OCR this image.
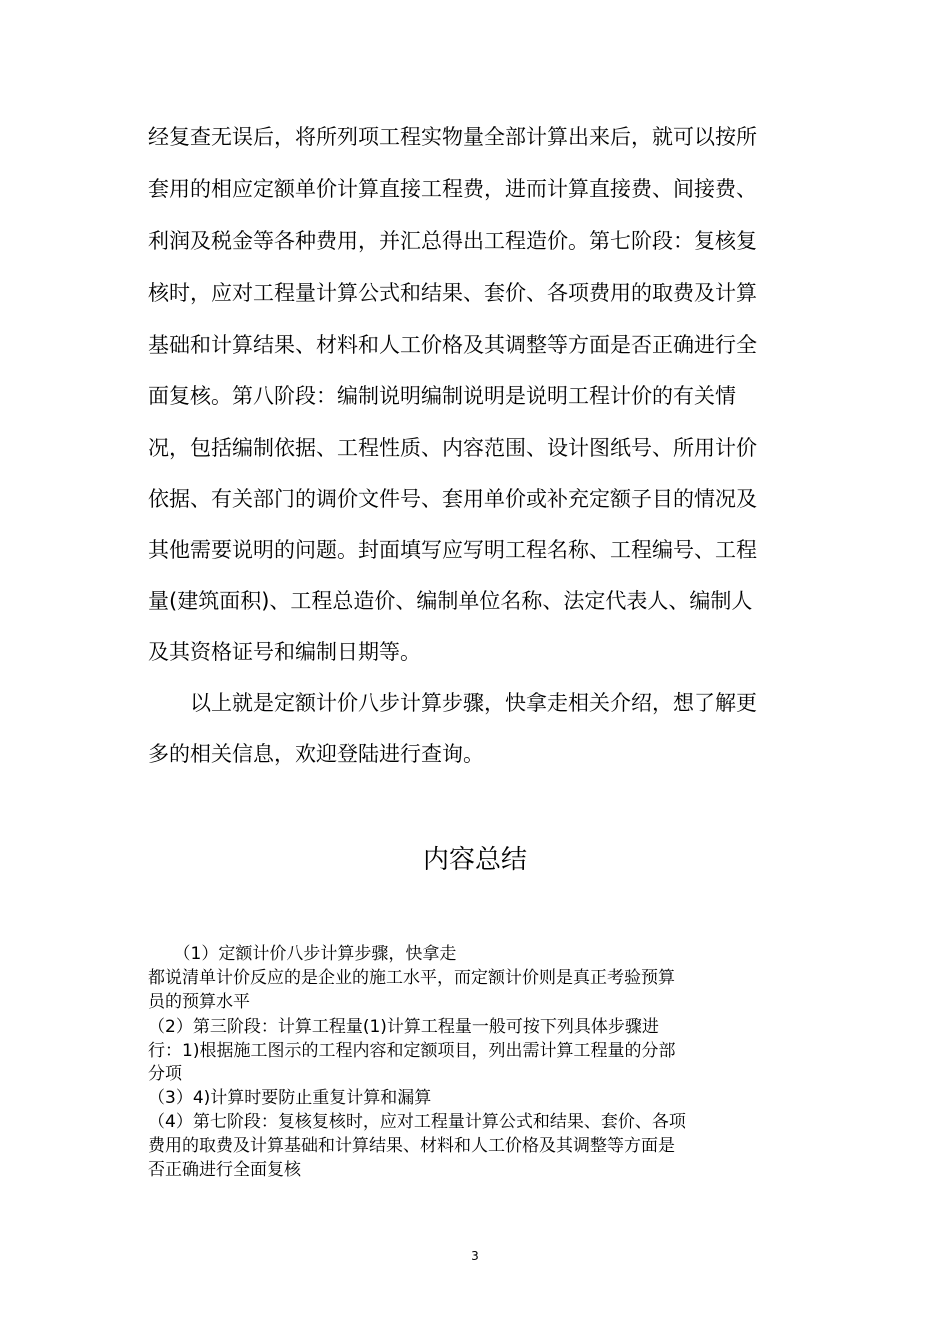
经复查无误后，将所列项工程实物量全部计算出来后，就可以按所
套用的相应定额单价计算直接工程费，进而计算直接费、间接费、
利润及税金等各种费用，并汇总得出工程造价。第七阶段：复核复
核时，应对工程量计算公式和结果、套价、各项费用的取费及计算
基础和计算结果、材料和人工价格及其调整等方面是否正确进行全
面复核。第八阶段：编制说明编制说明是说明工程计价的有关情
况，包括编制依据、工程性质、内容范围、设计图纸号、所用计价
依据、有关部门的调价文件号、套用单价或补充定额子目的情况及
其他需要说明的问题。封面填写应写明工程名称、工程编号、工程
量(建筑面积)、工程总造价、编制单位名称、法定代表人、编制人
及其资格证号和编制日期等。
　　以上就是定额计价八步计算步骤，快拿走相关介绍，想了解更
多的相关信息，欢迎登陆进行查询。
内容总结
　　（1）定额计价八步计算步骤，快拿走
都说清单计价反应的是企业的施工水平，而定额计价则是真正考验预算
员的预算水平
（2）第三阶段：计算工程量(1)计算工程量一般可按下列具体步骤进
行：1)根据施工图示的工程内容和定额项目，列出需计算工程量的分部
分项
（3）4)计算时要防止重复计算和漏算
（4）第七阶段：复核复核时，应对工程量计算公式和结果、套价、各项
费用的取费及计算基础和计算结果、材料和人工价格及其调整等方面是
否正确进行全面复核
3
